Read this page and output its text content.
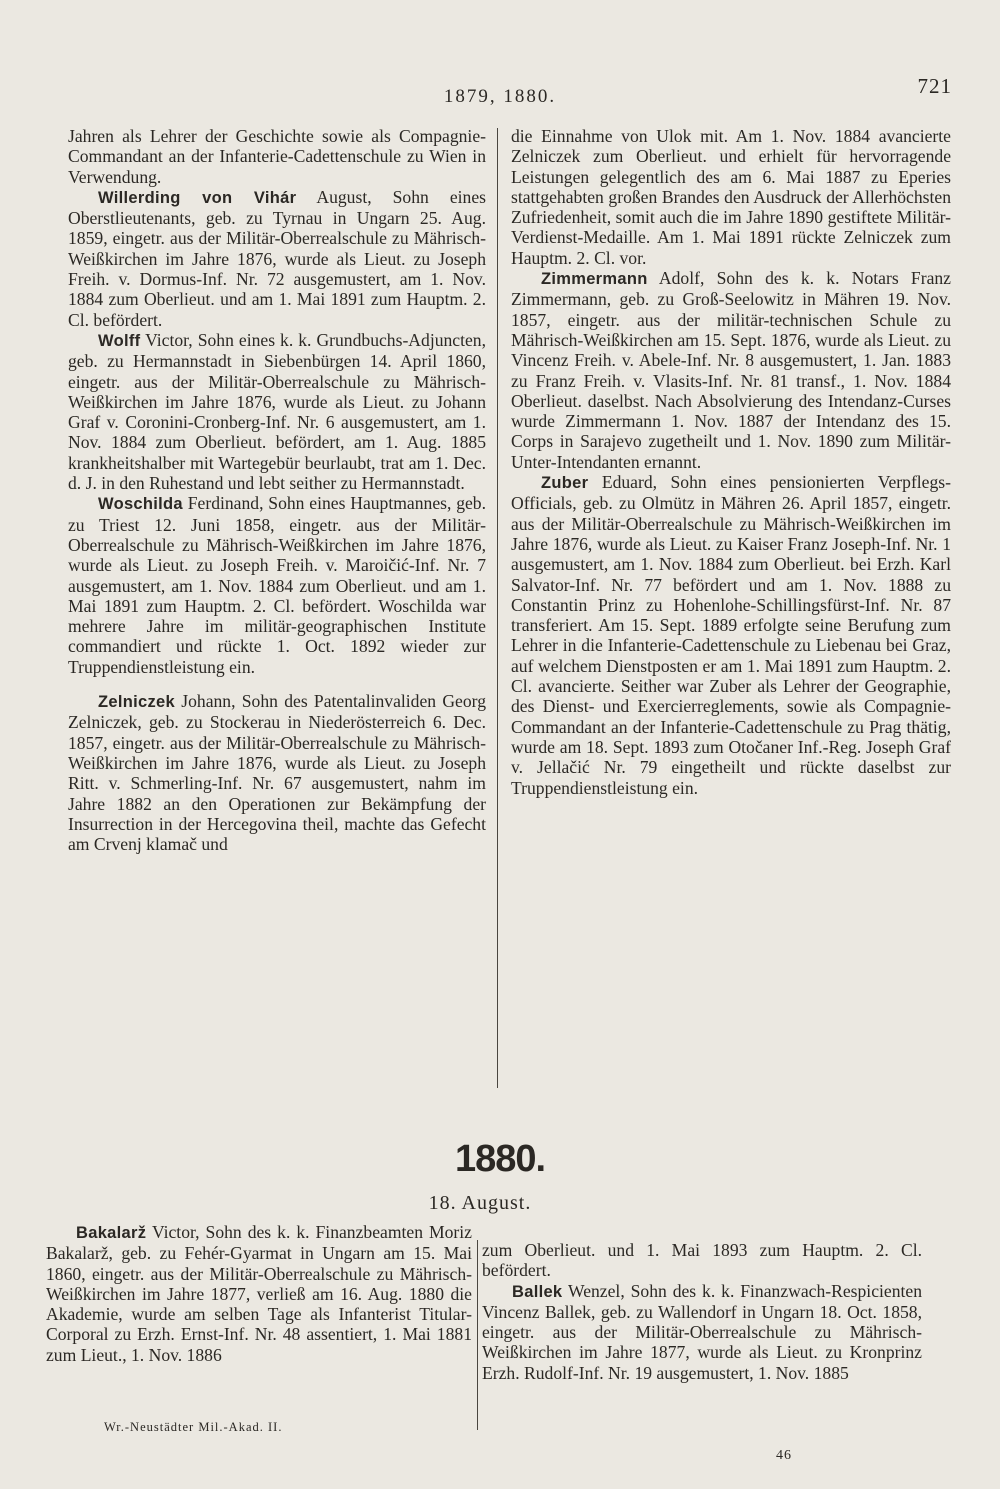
1879, 1880.	721

Jahren als Lehrer der Geschichte sowie als Compagnie-Commandant an der Infanterie-Cadettenschule zu Wien in Verwendung.

Willerding von Vihár August, Sohn eines Oberstlieutenants, geb. zu Tyrnau in Ungarn 25. Aug. 1859, eingetr. aus der Militär-Oberrealschule zu Mährisch-Weißkirchen im Jahre 1876, wurde als Lieut. zu Joseph Freih. v. Dormus-Inf. Nr. 72 ausgemustert, am 1. Nov. 1884 zum Oberlieut. und am 1. Mai 1891 zum Hauptm. 2. Cl. befördert.

Wolff Victor, Sohn eines k. k. Grundbuchs-Adjuncten, geb. zu Hermannstadt in Siebenbürgen 14. April 1860, eingetr. aus der Militär-Oberrealschule zu Mährisch-Weißkirchen im Jahre 1876, wurde als Lieut. zu Johann Graf v. Coronini-Cronberg-Inf. Nr. 6 ausgemustert, am 1. Nov. 1884 zum Oberlieut. befördert, am 1. Aug. 1885 krankheitshalber mit Wartegebür beurlaubt, trat am 1. Dec. d. J. in den Ruhestand und lebt seither zu Hermannstadt.

Woschilda Ferdinand, Sohn eines Hauptmannes, geb. zu Triest 12. Juni 1858, eingetr. aus der Militär-Oberrealschule zu Mährisch-Weißkirchen im Jahre 1876, wurde als Lieut. zu Joseph Freih. v. Maroičić-Inf. Nr. 7 ausgemustert, am 1. Nov. 1884 zum Oberlieut. und am 1. Mai 1891 zum Hauptm. 2. Cl. befördert. Woschilda war mehrere Jahre im militär-geographischen Institute commandiert und rückte 1. Oct. 1892 wieder zur Truppendienstleistung ein.

Zelniczek Johann, Sohn des Patentalinvaliden Georg Zelniczek, geb. zu Stockerau in Niederösterreich 6. Dec. 1857, eingetr. aus der Militär-Oberrealschule zu Mährisch-Weißkirchen im Jahre 1876, wurde als Lieut. zu Joseph Ritt. v. Schmerling-Inf. Nr. 67 ausgemustert, nahm im Jahre 1882 an den Operationen zur Bekämpfung der Insurrection in der Hercegovina theil, machte das Gefecht am Crvenj klamač und

die Einnahme von Ulok mit. Am 1. Nov. 1884 avancierte Zelniczek zum Oberlieut. und erhielt für hervorragende Leistungen gelegentlich des am 6. Mai 1887 zu Eperies stattgehabten großen Brandes den Ausdruck der Allerhöchsten Zufriedenheit, somit auch die im Jahre 1890 gestiftete Militär-Verdienst-Medaille. Am 1. Mai 1891 rückte Zelniczek zum Hauptm. 2. Cl. vor.

Zimmermann Adolf, Sohn des k. k. Notars Franz Zimmermann, geb. zu Groß-Seelowitz in Mähren 19. Nov. 1857, eingetr. aus der militär-technischen Schule zu Mährisch-Weißkirchen am 15. Sept. 1876, wurde als Lieut. zu Vincenz Freih. v. Abele-Inf. Nr. 8 ausgemustert, 1. Jan. 1883 zu Franz Freih. v. Vlasits-Inf. Nr. 81 transf., 1. Nov. 1884 Oberlieut. daselbst. Nach Absolvierung des Intendanz-Curses wurde Zimmermann 1. Nov. 1887 der Intendanz des 15. Corps in Sarajevo zugetheilt und 1. Nov. 1890 zum Militär-Unter-Intendanten ernannt.

Zuber Eduard, Sohn eines pensionierten Verpflegs-Officials, geb. zu Olmütz in Mähren 26. April 1857, eingetr. aus der Militär-Oberrealschule zu Mährisch-Weißkirchen im Jahre 1876, wurde als Lieut. zu Kaiser Franz Joseph-Inf. Nr. 1 ausgemustert, am 1. Nov. 1884 zum Oberlieut. bei Erzh. Karl Salvator-Inf. Nr. 77 befördert und am 1. Nov. 1888 zu Constantin Prinz zu Hohenlohe-Schillingsfürst-Inf. Nr. 87 transferiert. Am 15. Sept. 1889 erfolgte seine Berufung zum Lehrer in die Infanterie-Cadettenschule zu Liebenau bei Graz, auf welchem Dienstposten er am 1. Mai 1891 zum Hauptm. 2. Cl. avancierte. Seither war Zuber als Lehrer der Geographie, des Dienst- und Exercierreglements, sowie als Compagnie-Commandant an der Infanterie-Cadettenschule zu Prag thätig, wurde am 18. Sept. 1893 zum Otočaner Inf.-Reg. Joseph Graf v. Jellačić Nr. 79 eingetheilt und rückte daselbst zur Truppendienstleistung ein.

1880.
18. August.

Bakalarž Victor, Sohn des k. k. Finanzbeamten Moriz Bakalarž, geb. zu Fehér-Gyarmat in Ungarn am 15. Mai 1860, eingetr. aus der Militär-Oberrealschule zu Mährisch-Weißkirchen im Jahre 1877, verließ am 16. Aug. 1880 die Akademie, wurde am selben Tage als Infanterist Titular-Corporal zu Erzh. Ernst-Inf. Nr. 48 assentiert, 1. Mai 1881 zum Lieut., 1. Nov. 1886

zum Oberlieut. und 1. Mai 1893 zum Hauptm. 2. Cl. befördert.

Ballek Wenzel, Sohn des k. k. Finanzwach-Respicienten Vincenz Ballek, geb. zu Wallendorf in Ungarn 18. Oct. 1858, eingetr. aus der Militär-Oberrealschule zu Mährisch-Weißkirchen im Jahre 1877, wurde als Lieut. zu Kronprinz Erzh. Rudolf-Inf. Nr. 19 ausgemustert, 1. Nov. 1885

Wr.-Neustädter Mil.-Akad. II.
46
